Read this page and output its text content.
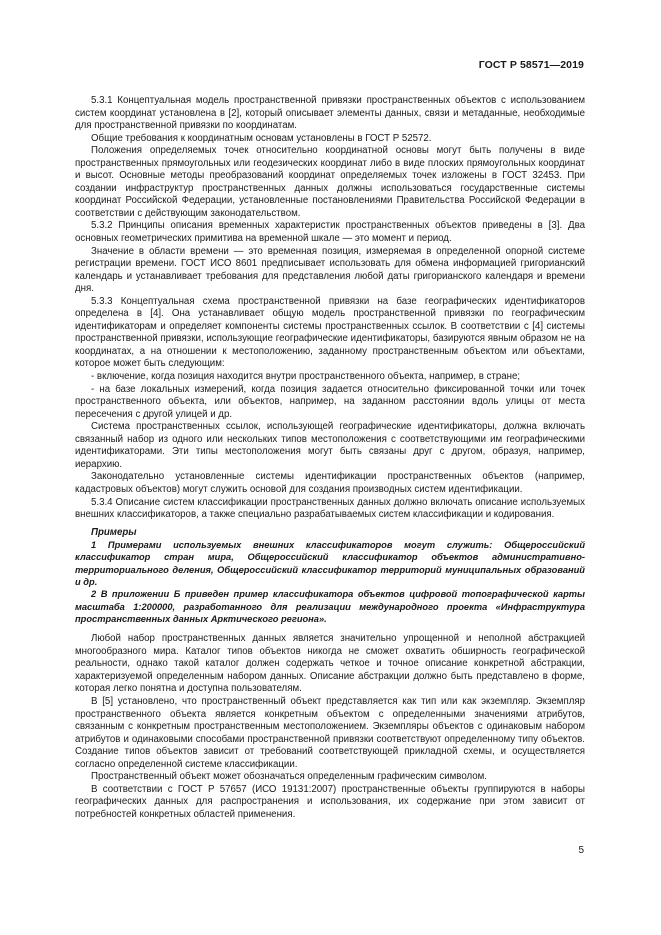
ГОСТ Р 58571—2019

5.3.1 Концептуальная модель пространственной привязки пространственных объектов с использованием систем координат установлена в [2], который описывает элементы данных, связи и метаданные, необходимые для пространственной привязки по координатам.

Общие требования к координатным основам установлены в ГОСТ Р 52572.

Положения определяемых точек относительно координатной основы могут быть получены в виде пространственных прямоугольных или геодезических координат либо в виде плоских прямоугольных координат и высот. Основные методы преобразований координат определяемых точек изложены в ГОСТ 32453. При создании инфраструктур пространственных данных должны использоваться государственные системы координат Российской Федерации, установленные постановлениями Правительства Российской Федерации в соответствии с действующим законодательством.

5.3.2 Принципы описания временных характеристик пространственных объектов приведены в [3]. Два основных геометрических примитива на временной шкале — это момент и период.

Значение в области времени — это временная позиция, измеряемая в определенной опорной системе регистрации времени. ГОСТ ИСО 8601 предписывает использовать для обмена информацией григорианский календарь и устанавливает требования для представления любой даты григорианского календаря и времени дня.

5.3.3 Концептуальная схема пространственной привязки на базе географических идентификаторов определена в [4]. Она устанавливает общую модель пространственной привязки по географическим идентификаторам и определяет компоненты системы пространственных ссылок. В соответствии с [4] системы пространственной привязки, использующие географические идентификаторы, базируются явным образом не на координатах, а на отношении к местоположению, заданному пространственным объектом или объектами, которое может быть следующим:

- включение, когда позиция находится внутри пространственного объекта, например, в стране;

- на базе локальных измерений, когда позиция задается относительно фиксированной точки или точек пространственного объекта, или объектов, например, на заданном расстоянии вдоль улицы от места пересечения с другой улицей и др.

Система пространственных ссылок, использующей географические идентификаторы, должна включать связанный набор из одного или нескольких типов местоположения с соответствующими им географическими идентификаторами. Эти типы местоположения могут быть связаны друг с другом, образуя, например, иерархию.

Законодательно установленные системы идентификации пространственных объектов (например, кадастровых объектов) могут служить основой для создания производных систем идентификации.

5.3.4 Описание систем классификации пространственных данных должно включать описание используемых внешних классификаторов, а также специально разрабатываемых систем классификации и кодирования.

Примеры

1 Примерами используемых внешних классификаторов могут служить: Общероссийский классификатор стран мира, Общероссийский классификатор объектов административно-территориального деления, Общероссийский классификатор территорий муниципальных образований и др.

2 В приложении Б приведен пример классификатора объектов цифровой топографической карты масштаба 1:200000, разработанного для реализации международного проекта «Инфраструктура пространственных данных Арктического региона».

Любой набор пространственных данных является значительно упрощенной и неполной абстракцией многообразного мира. Каталог типов объектов никогда не сможет охватить обширность географической реальности, однако такой каталог должен содержать четкое и точное описание конкретной абстракции, характеризуемой определенным набором данных. Описание абстракции должно быть представлено в форме, которая легко понятна и доступна пользователям.

В [5] установлено, что пространственный объект представляется как тип или как экземпляр. Экземпляр пространственного объекта является конкретным объектом с определенными значениями атрибутов, связанным с конкретным пространственным местоположением. Экземпляры объектов с одинаковым набором атрибутов и одинаковыми способами пространственной привязки соответствуют определенному типу объектов. Создание типов объектов зависит от требований соответствующей прикладной схемы, и осуществляется согласно определенной системе классификации.

Пространственный объект может обозначаться определенным графическим символом.

В соответствии с ГОСТ Р 57657 (ИСО 19131:2007) пространственные объекты группируются в наборы географических данных для распространения и использования, их содержание при этом зависит от потребностей конкретных областей применения.

5
